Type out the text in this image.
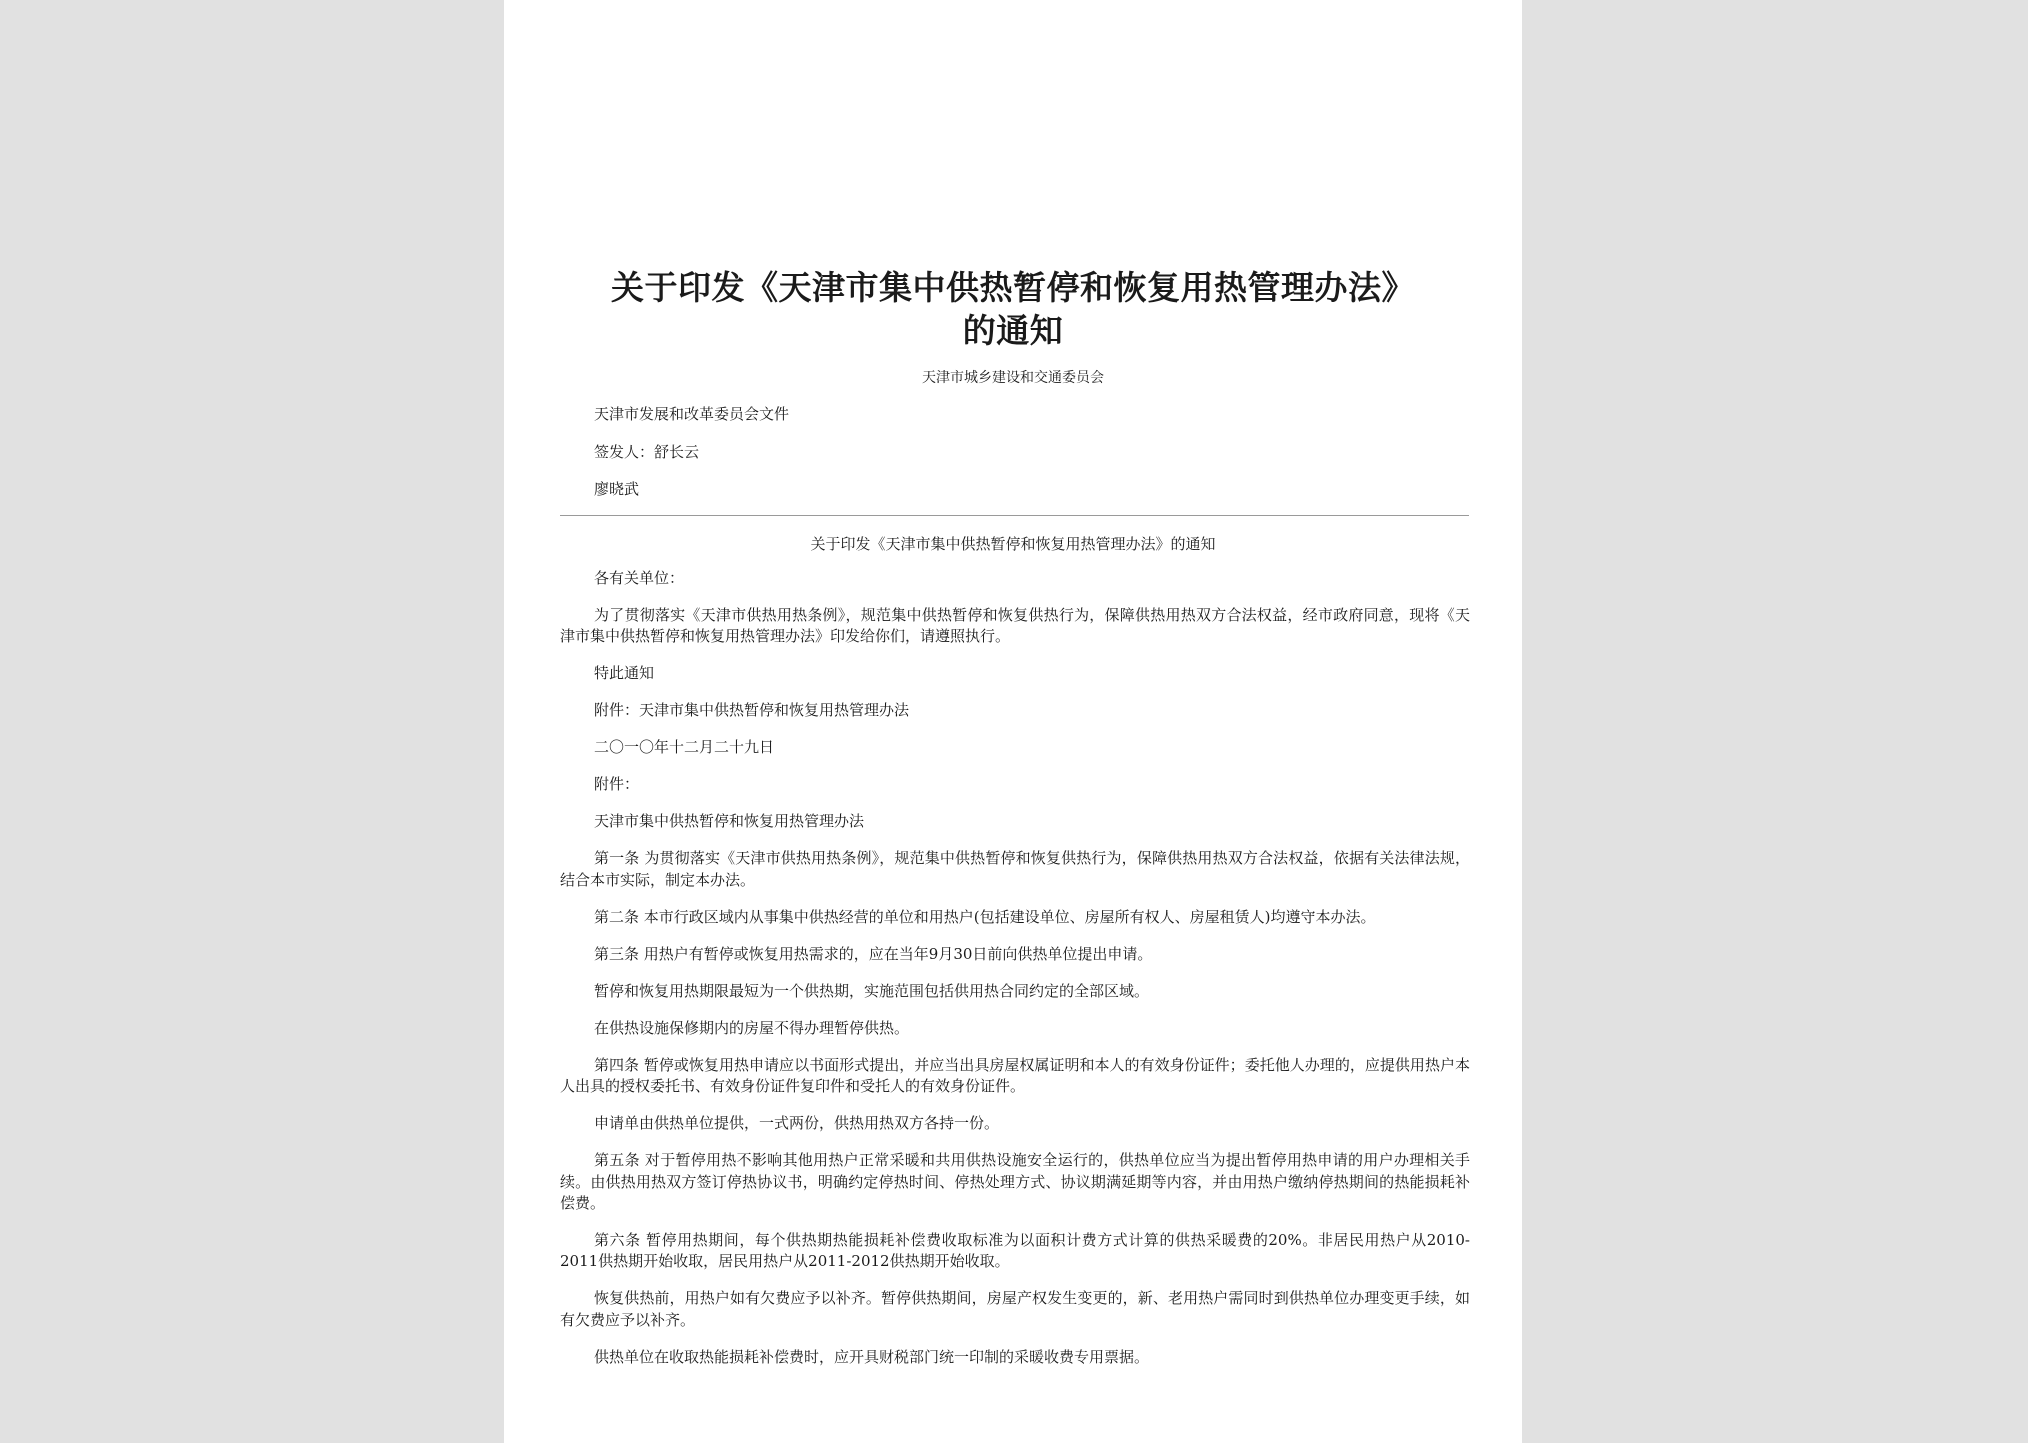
关于印发《天津市集中供热暂停和恢复用热管理办法》
的通知
天津市城乡建设和交通委员会
天津市发展和改革委员会文件
签发人：舒长云
廖晓武
关于印发《天津市集中供热暂停和恢复用热管理办法》的通知

各有关单位：

为了贯彻落实《天津市供热用热条例》，规范集中供热暂停和恢复供热行为，保障供热用热双方合法权益，经市政府同意，现将《天津市集中供热暂停和恢复用热管理办法》印发给你们，请遵照执行。

特此通知

附件：天津市集中供热暂停和恢复用热管理办法

二〇一〇年十二月二十九日

附件：

天津市集中供热暂停和恢复用热管理办法

第一条 为贯彻落实《天津市供热用热条例》，规范集中供热暂停和恢复供热行为，保障供热用热双方合法权益，依据有关法律法规，结合本市实际，制定本办法。

第二条 本市行政区域内从事集中供热经营的单位和用热户(包括建设单位、房屋所有权人、房屋租赁人)均遵守本办法。

第三条 用热户有暂停或恢复用热需求的，应在当年9月30日前向供热单位提出申请。

暂停和恢复用热期限最短为一个供热期，实施范围包括供用热合同约定的全部区域。

在供热设施保修期内的房屋不得办理暂停供热。

第四条 暂停或恢复用热申请应以书面形式提出，并应当出具房屋权属证明和本人的有效身份证件；委托他人办理的，应提供用热户本人出具的授权委托书、有效身份证件复印件和受托人的有效身份证件。

申请单由供热单位提供，一式两份，供热用热双方各持一份。

第五条 对于暂停用热不影响其他用热户正常采暖和共用供热设施安全运行的，供热单位应当为提出暂停用热申请的用户办理相关手续。由供热用热双方签订停热协议书，明确约定停热时间、停热处理方式、协议期满延期等内容，并由用热户缴纳停热期间的热能损耗补偿费。

第六条 暂停用热期间，每个供热期热能损耗补偿费收取标准为以面积计费方式计算的供热采暖费的20%。非居民用热户从2010-2011供热期开始收取，居民用热户从2011-2012供热期开始收取。

恢复供热前，用热户如有欠费应予以补齐。暂停供热期间，房屋产权发生变更的，新、老用热户需同时到供热单位办理变更手续，如有欠费应予以补齐。

供热单位在收取热能损耗补偿费时，应开具财税部门统一印制的采暖收费专用票据。
